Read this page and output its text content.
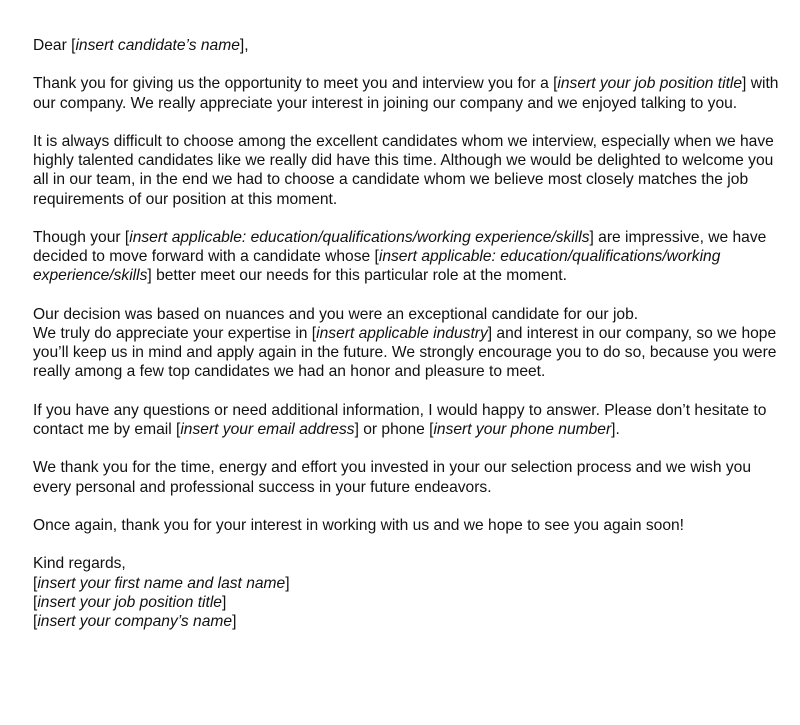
Dear [insert candidate’s name],

Thank you for giving us the opportunity to meet you and interview you for a [insert your job position title] with our company. We really appreciate your interest in joining our company and we enjoyed talking to you.

It is always difficult to choose among the excellent candidates whom we interview, especially when we have highly talented candidates like we really did have this time. Although we would be delighted to welcome you all in our team, in the end we had to choose a candidate whom we believe most closely matches the job requirements of our position at this moment.

Though your [insert applicable: education/qualifications/working experience/skills] are impressive, we have decided to move forward with a candidate whose [insert applicable: education/qualifications/working experience/skills] better meet our needs for this particular role at the moment.

Our decision was based on nuances and you were an exceptional candidate for our job.
We truly do appreciate your expertise in [insert applicable industry] and interest in our company, so we hope you’ll keep us in mind and apply again in the future. We strongly encourage you to do so, because you were really among a few top candidates we had an honor and pleasure to meet.

If you have any questions or need additional information, I would happy to answer. Please don’t hesitate to contact me by email [insert your email address] or phone [insert your phone number].

We thank you for the time, energy and effort you invested in your our selection process and we wish you every personal and professional success in your future endeavors.

Once again, thank you for your interest in working with us and we hope to see you again soon!

Kind regards,
[insert your first name and last name]
[insert your job position title]
[insert your company’s name]
